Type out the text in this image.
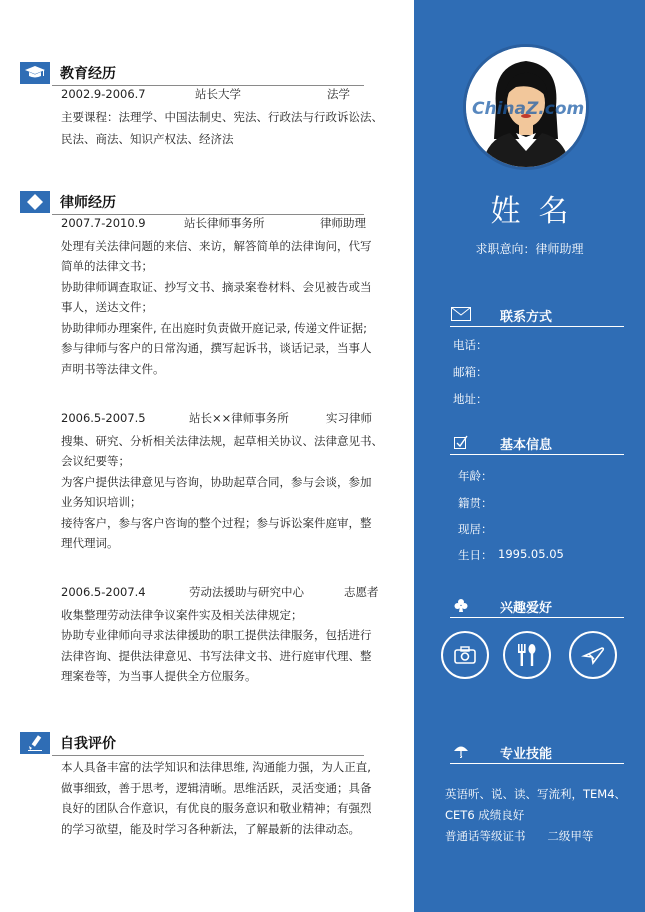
教育经历
2002.9-2006.7	站长大学	法学

主要课程：法理学、中国法制史、宪法、行政法与行政诉讼法、

民法、商法、知识产权法、经济法

律师经历
2007.7-2010.9	站长律师事务所	律师助理

处理有关法律问题的来信、来访，解答简单的法律询问，代写

简单的法律文书；

协助律师调查取证、抄写文书、摘录案卷材料、会见被告或当

事人，送达文件；

协助律师办理案件, 在出庭时负责做开庭记录, 传递文件证据;

参与律师与客户的日常沟通，撰写起诉书，谈话记录，当事人

声明书等法律文件。

2006.5-2007.5	站长××律师事务所	实习律师

搜集、研究、分析相关法律法规，起草相关协议、法律意见书、

会议纪要等；

为客户提供法律意见与咨询，协助起草合同，参与会谈，参加

业务知识培训；

接待客户，参与客户咨询的整个过程；参与诉讼案件庭审，整

理代理词。

2006.5-2007.4	劳动法援助与研究中心	志愿者

收集整理劳动法律争议案件实及相关法律规定；

协助专业律师向寻求法律援助的职工提供法律服务，包括进行

法律咨询、提供法律意见、书写法律文书、进行庭审代理、整

理案卷等，为当事人提供全方位服务。

自我评价

本人具备丰富的法学知识和法律思维, 沟通能力强，为人正直,

做事细致，善于思考，逻辑清晰。思维活跃，灵活变通；具备

良好的团队合作意识，有优良的服务意识和敬业精神；有强烈

的学习欲望，能及时学习各种新法，了解最新的法律动态。

ChinaZ.com
姓名
求职意向：律师助理
联系方式
电话：
邮箱：
地址：
基本信息
年龄：
籍贯：
现居：
生日： 1995.05.05
兴趣爱好
专业技能

英语听、说、读、写流利，TEM4、

CET6 成绩良好

普通话等级证书      二级甲等
